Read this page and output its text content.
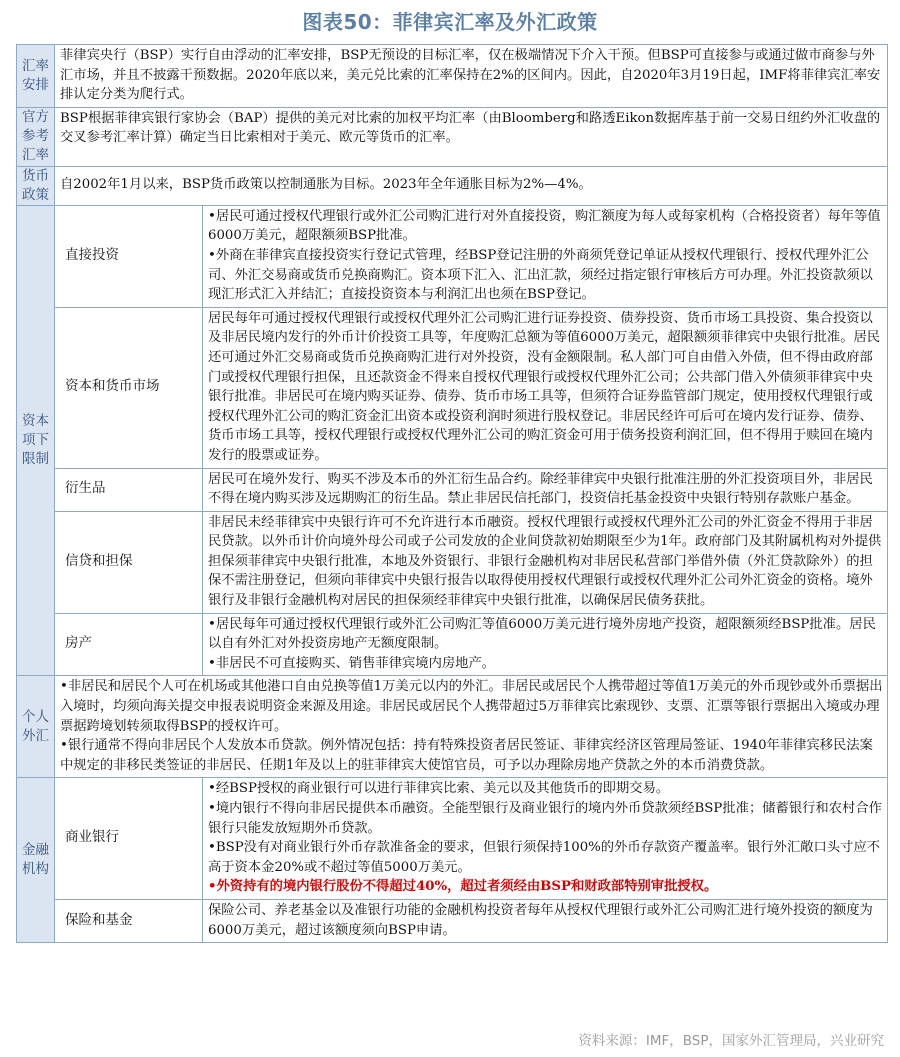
图表50：菲律宾汇率及外汇政策
汇率安排	菲律宾央行（BSP）实行自由浮动的汇率安排，BSP无预设的目标汇率，仅在极端情况下介入干预。但BSP可直接参与或通过做市商参与外汇市场，并且不披露干预数据。2020年底以来，美元兑比索的汇率保持在2%的区间内。因此，自2020年3月19日起，IMF将菲律宾汇率安排认定分类为爬行式。	
官方参考汇率	BSP根据菲律宾银行家协会（BAP）提供的美元对比索的加权平均汇率（由Bloomberg和路透Eikon数据库基于前一交易日纽约外汇收盘的交叉参考汇率计算）确定当日比索相对于美元、欧元等货币的汇率。	
货币政策	自2002年1月以来，BSP货币政策以控制通胀为目标。2023年全年通胀目标为2%—4%。	
资本项下限制	直接投资	•居民可通过授权代理银行或外汇公司购汇进行对外直接投资，购汇额度为每人或每家机构（合格投资者）每年等值6000万美元，超限额须BSP批准。

•外商在菲律宾直接投资实行登记式管理，经BSP登记注册的外商须凭登记单证从授权代理银行、授权代理外汇公司、外汇交易商或货币兑换商购汇。资本项下汇入、汇出汇款，须经过指定银行审核后方可办理。外汇投资款须以现汇形式汇入并结汇；直接投资资本与利润汇出也须在BSP登记。

	资本和货币市场	居民每年可通过授权代理银行或授权代理外汇公司购汇进行证券投资、债券投资、货币市场工具投资、集合投资以及非居民境内发行的外币计价投资工具等，年度购汇总额为等值6000万美元，超限额须菲律宾中央银行批准。居民还可通过外汇交易商或货币兑换商购汇进行对外投资，没有金额限制。私人部门可自由借入外债，但不得由政府部门或授权代理银行担保，且还款资金不得来自授权代理银行或授权代理外汇公司；公共部门借入外债须菲律宾中央银行批准。非居民可在境内购买证券、债券、货币市场工具等，但须符合证券监管部门规定，使用授权代理银行或授权代理外汇公司的购汇资金汇出资本或投资利润时须进行股权登记。非居民经许可后可在境内发行证券、债券、货币市场工具等，授权代理银行或授权代理外汇公司的购汇资金可用于债务投资利润汇回，但不得用于赎回在境内发行的股票或证券。
	衍生品	居民可在境外发行、购买不涉及本币的外汇衍生品合约。除经菲律宾中央银行批准注册的外汇投资项目外，非居民不得在境内购买涉及远期购汇的衍生品。禁止非居民信托部门，投资信托基金投资中央银行特别存款账户基金。
	信贷和担保	非居民未经菲律宾中央银行许可不允许进行本币融资。授权代理银行或授权代理外汇公司的外汇资金不得用于非居民贷款。以外币计价向境外母公司或子公司发放的企业间贷款初始期限至少为1年。政府部门及其附属机构对外提供担保须菲律宾中央银行批准，本地及外资银行、非银行金融机构对非居民私营部门举借外债（外汇贷款除外）的担保不需注册登记，但须向菲律宾中央银行报告以取得使用授权代理银行或授权代理外汇公司外汇资金的资格。境外银行及非银行金融机构对居民的担保须经菲律宾中央银行批准，以确保居民债务获批。
	房产	•居民每年可通过授权代理银行或外汇公司购汇等值6000万美元进行境外房地产投资，超限额须经BSP批准。居民以自有外汇对外投资房地产无额度限制。

•非居民不可直接购买、销售菲律宾境内房地产。

个人外汇	•非居民和居民个人可在机场或其他港口自由兑换等值1万美元以内的外汇。非居民或居民个人携带超过等值1万美元的外币现钞或外币票据出入境时，均须向海关提交申报表说明资金来源及用途。非居民或居民个人携带超过5万菲律宾比索现钞、支票、汇票等银行票据出入境或办理票据跨境划转须取得BSP的授权许可。

•银行通常不得向非居民个人发放本币贷款。例外情况包括：持有特殊投资者居民签证、菲律宾经济区管理局签证、1940年菲律宾移民法案中规定的非移民类签证的非居民、任期1年及以上的驻菲律宾大使馆官员，可予以办理除房地产贷款之外的本币消费贷款。	

金融机构	商业银行	•经BSP授权的商业银行可以进行菲律宾比索、美元以及其他货币的即期交易。

•境内银行不得向非居民提供本币融资。全能型银行及商业银行的境内外币贷款须经BSP批准；储蓄银行和农村合作银行只能发放短期外币贷款。

•BSP没有对商业银行外币存款准备金的要求，但银行须保持100%的外币存款资产覆盖率。银行外汇敞口头寸应不高于资本金20%或不超过等值5000万美元。

•外资持有的境内银行股份不得超过40%，超过者须经由BSP和财政部特别审批授权。

	保险和基金	保险公司、养老基金以及准银行功能的金融机构投资者每年从授权代理银行或外汇公司购汇进行境外投资的额度为6000万美元，超过该额度须向BSP申请。
资料来源：IMF，BSP，国家外汇管理局，兴业研究
